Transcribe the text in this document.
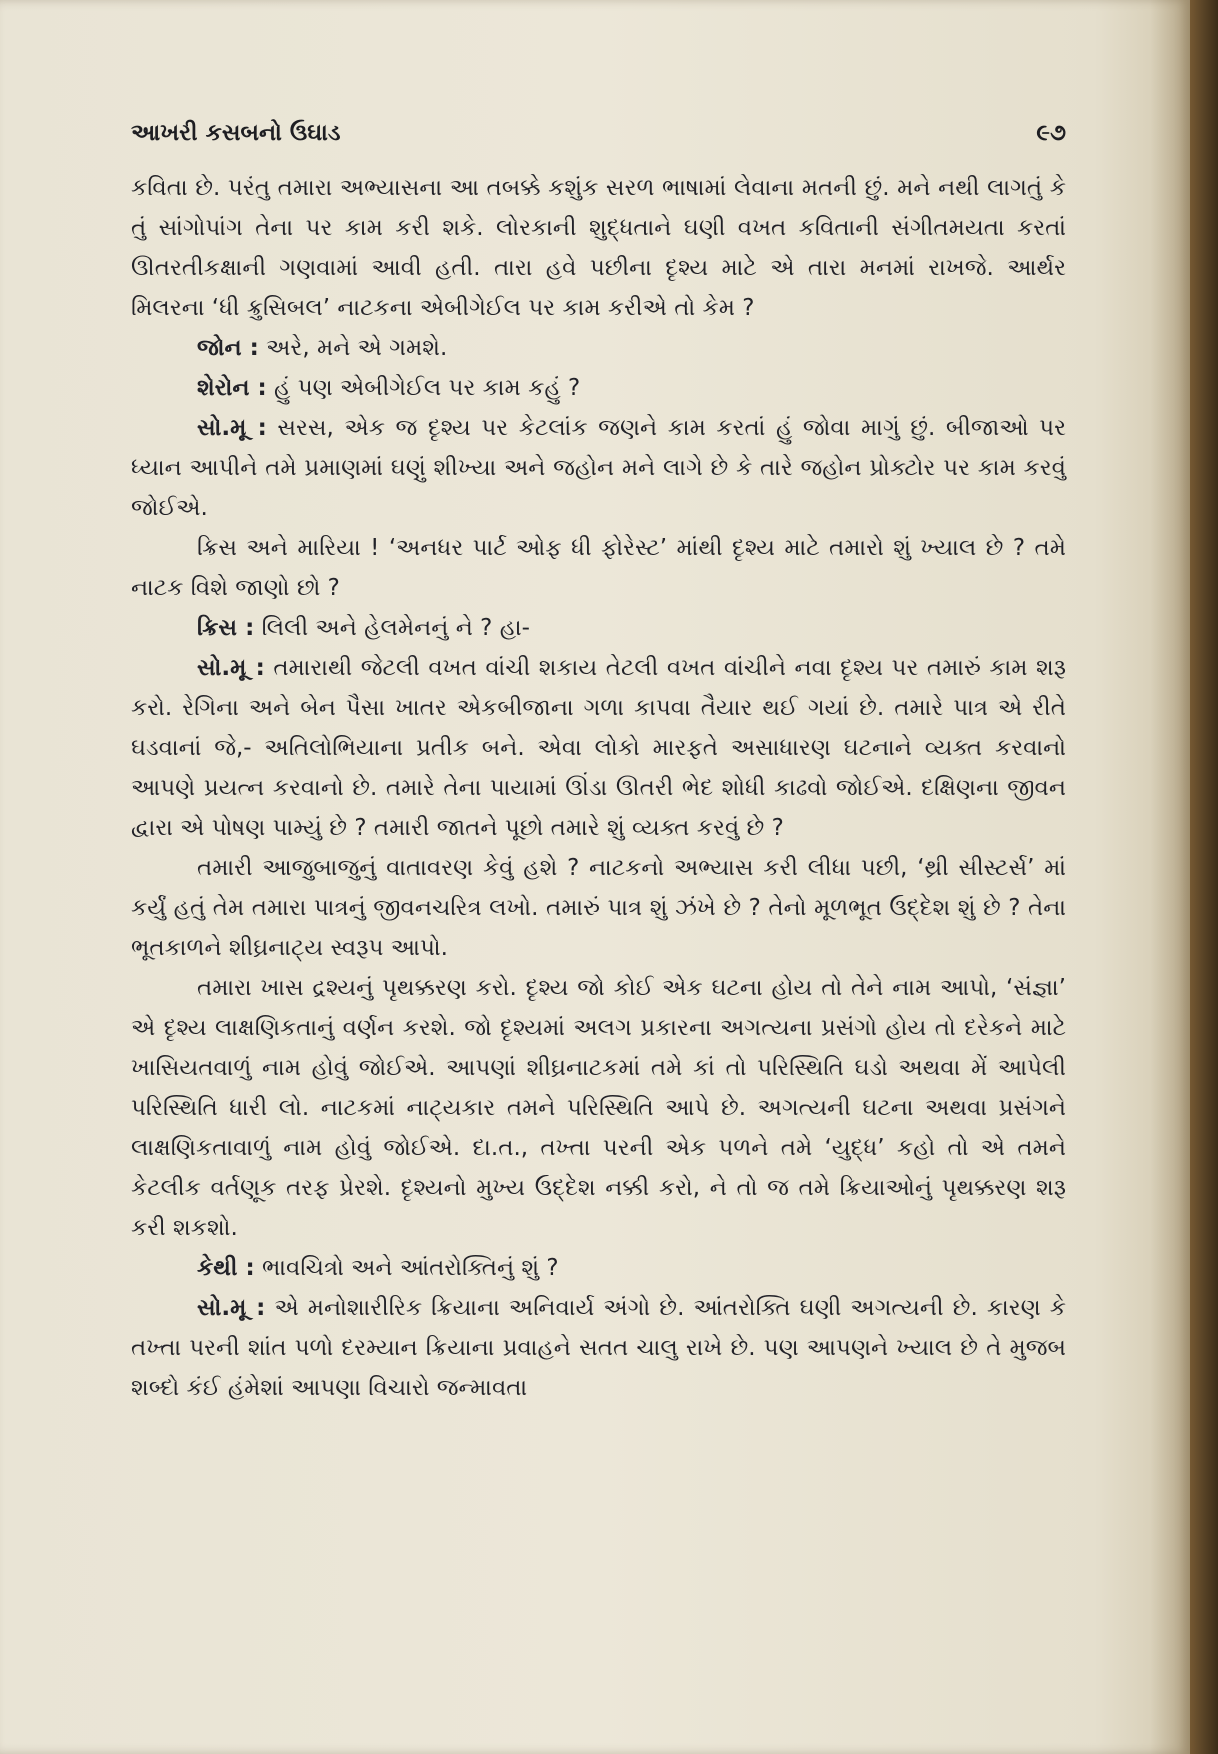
આખરી કસબનો ઉઘાડ	૯૭

કવિતા છે. પરંતુ તમારા અભ્યાસના આ તબક્કે કશુંક સરળ ભાષામાં લેવાના મતની છું. મને નથી લાગતું કે તું સાંગોપાંગ તેના પર કામ કરી શકે. લોરકાની શુદ્ધતાને ઘણી વખત કવિતાની સંગીતમયતા કરતાં ઊતરતીકક્ષાની ગણવામાં આવી હતી. તારા હવે પછીના દૃશ્ય માટે એ તારા મનમાં રાખજે. આર્થર મિલરના ‘ધી ક્રુસિબલ’ નાટકના એબીગેઈલ પર કામ કરીએ તો કેમ ?

જોન : અરે, મને એ ગમશે.

શેરોન : હું પણ એબીગેઈલ પર કામ કહું ?

સો.મૂ : સરસ, એક જ દૃશ્ય પર કેટલાંક જણને કામ કરતાં હું જોવા માગું છું. બીજાઓ પર ધ્યાન આપીને તમે પ્રમાણમાં ઘણું શીખ્યા અને જહોન મને લાગે છે કે તારે જહોન પ્રોક્ટોર પર કામ કરવું જોઈએ.

ક્રિસ અને મારિયા ! ‘અનધર પાર્ટ ઓફ ધી ફોરેસ્ટ’ માંથી દૃશ્ય માટે તમારો શું ખ્યાલ છે ? તમે નાટક વિશે જાણો છો ?

ક્રિસ : લિલી અને હેલમેનનું ને ? હા-

સો.મૂ : તમારાથી જેટલી વખત વાંચી શકાય તેટલી વખત વાંચીને નવા દૃશ્ય પર તમારું કામ શરૂ કરો. રેગિના અને બેન પૈસા ખાતર એકબીજાના ગળા કાપવા તૈયાર થઈ ગયાં છે. તમારે પાત્ર એ રીતે ઘડવાનાં જે,- અતિલોભિયાના પ્રતીક બને. એવા લોકો મારફતે અસાધારણ ઘટનાને વ્યક્ત કરવાનો આપણે પ્રયત્ન કરવાનો છે. તમારે તેના પાયામાં ઊંડા ઊતરી ભેદ શોધી કાઢવો જોઈએ. દક્ષિણના જીવન દ્વારા એ પોષણ પામ્યું છે ? તમારી જાતને પૂછો તમારે શું વ્યક્ત કરવું છે ?

તમારી આજુબાજુનું વાતાવરણ કેવું હશે ? નાટકનો અભ્યાસ કરી લીધા પછી, ‘થ્રી સીસ્ટર્સ’ માં કર્યું હતું તેમ તમારા પાત્રનું જીવનચરિત્ર લખો. તમારું પાત્ર શું ઝંખે છે ? તેનો મૂળભૂત ઉદ્દેશ શું છે ? તેના ભૂતકાળને શીઘ્રનાટ્ય સ્વરૂપ આપો.

તમારા ખાસ દ્રશ્યનું પૃથક્કરણ કરો. દૃશ્ય જો કોઈ એક ઘટના હોય તો તેને નામ આપો, ‘સંજ્ઞા’ એ દૃશ્ય લાક્ષણિકતાનું વર્ણન કરશે. જો દૃશ્યમાં અલગ પ્રકારના અગત્યના પ્રસંગો હોય તો દરેકને માટે ખાસિયતવાળું નામ હોવું જોઈએ. આપણાં શીઘ્રનાટકમાં તમે કાં તો પરિસ્થિતિ ઘડો અથવા મેં આપેલી પરિસ્થિતિ ધારી લો. નાટકમાં નાટ્યકાર તમને પરિસ્થિતિ આપે છે. અગત્યની ઘટના અથવા પ્રસંગને લાક્ષણિકતાવાળું નામ હોવું જોઈએ. દા.ત., તખ્તા પરની એક પળને તમે ‘યુદ્ધ’ કહો તો એ તમને કેટલીક વર્તણૂક તરફ પ્રેરશે. દૃશ્યનો મુખ્ય ઉદ્દેશ નક્કી કરો, ને તો જ તમે ક્રિયાઓનું પૃથક્કરણ શરૂ કરી શકશો.

કેથી : ભાવચિત્રો અને આંતરોક્તિનું શું ?

સો.મૂ : એ મનોશારીરિક ક્રિયાના અનિવાર્ય અંગો છે. આંતરોક્તિ ઘણી અગત્યની છે. કારણ કે તખ્તા પરની શાંત પળો દરમ્યાન ક્રિયાના પ્રવાહને સતત ચાલુ રાખે છે. પણ આપણને ખ્યાલ છે તે મુજબ શબ્દો કંઈ હંમેશાં આપણા વિચારો જન્માવતા
